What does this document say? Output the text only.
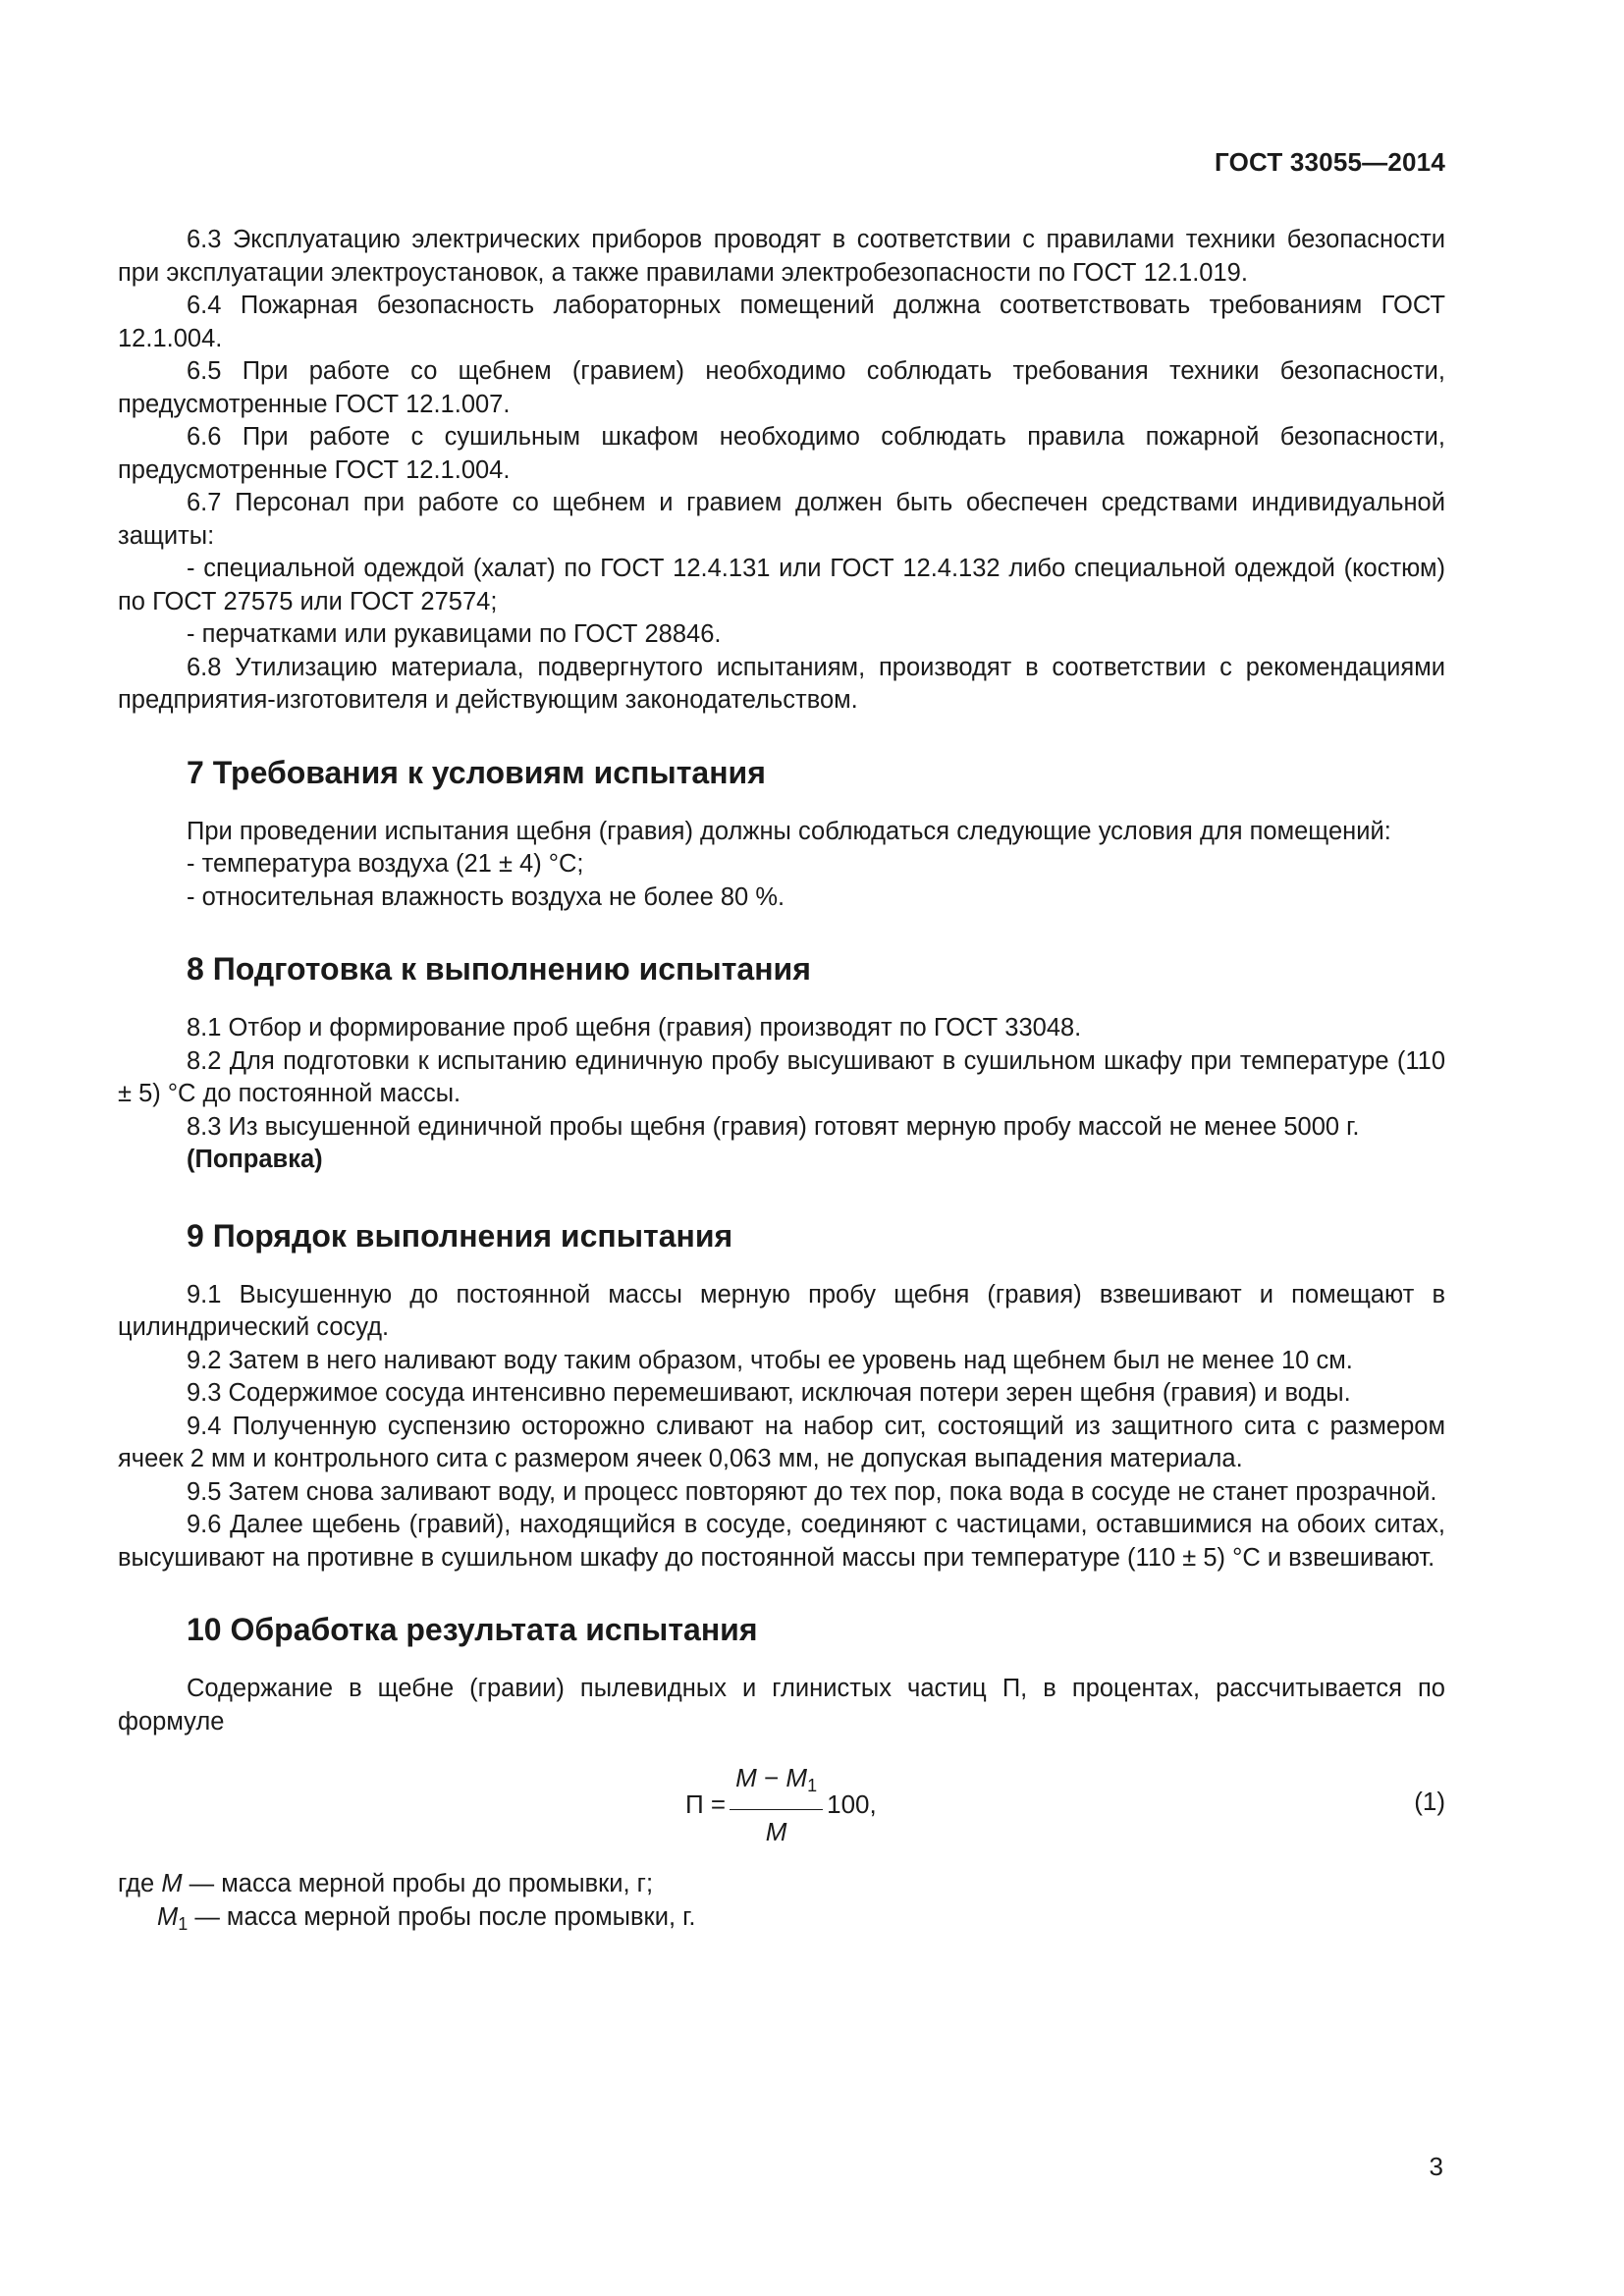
ГОСТ 33055—2014

6.3 Эксплуатацию электрических приборов проводят в соответствии с правилами техники безопасности при эксплуатации электроустановок, а также правилами электробезопасности по ГОСТ 12.1.019.

6.4 Пожарная безопасность лабораторных помещений должна соответствовать требованиям ГОСТ 12.1.004.

6.5 При работе со щебнем (гравием) необходимо соблюдать требования техники безопасности, предусмотренные ГОСТ 12.1.007.

6.6 При работе с сушильным шкафом необходимо соблюдать правила пожарной безопасности, предусмотренные ГОСТ 12.1.004.

6.7 Персонал при работе со щебнем и гравием должен быть обеспечен средствами индивидуальной защиты:

- специальной одеждой (халат) по ГОСТ 12.4.131 или ГОСТ 12.4.132 либо специальной одеждой (костюм) по ГОСТ 27575 или ГОСТ 27574;

- перчатками или рукавицами по ГОСТ 28846.

6.8 Утилизацию материала, подвергнутого испытаниям, производят в соответствии с рекомендациями предприятия-изготовителя и действующим законодательством.

7 Требования к условиям испытания

При проведении испытания щебня (гравия) должны соблюдаться следующие условия для помещений:

- температура воздуха (21 ± 4) °С;

- относительная влажность воздуха не более 80 %.

8 Подготовка к выполнению испытания

8.1 Отбор и формирование проб щебня (гравия) производят по ГОСТ 33048.

8.2 Для подготовки к испытанию единичную пробу высушивают в сушильном шкафу при температуре (110 ± 5) °С до постоянной массы.

8.3 Из высушенной единичной пробы щебня (гравия) готовят мерную пробу массой не менее 5000 г.

(Поправка)

9 Порядок выполнения испытания

9.1 Высушенную до постоянной массы мерную пробу щебня (гравия) взвешивают и помещают в цилиндрический сосуд.

9.2 Затем в него наливают воду таким образом, чтобы ее уровень над щебнем был не менее 10 см.

9.3 Содержимое сосуда интенсивно перемешивают, исключая потери зерен щебня (гравия) и воды.

9.4 Полученную суспензию осторожно сливают на набор сит, состоящий из защитного сита с размером ячеек 2 мм и контрольного сита с размером ячеек 0,063 мм, не допуская выпадения материала.

9.5 Затем снова заливают воду, и процесс повторяют до тех пор, пока вода в сосуде не станет прозрачной.

9.6 Далее щебень (гравий), находящийся в сосуде, соединяют с частицами, оставшимися на обоих ситах, высушивают на противне в сушильном шкафу до постоянной массы при температуре (110 ± 5) °С и взвешивают.

10 Обработка результата испытания

Содержание в щебне (гравии) пылевидных и глинистых частиц П, в процентах, рассчитывается по формуле

$П = \frac{M - M_1}{M} 100$,	(1)

где M — масса мерной пробы до промывки, г;

$M_1$ — масса мерной пробы после промывки, г.

3
